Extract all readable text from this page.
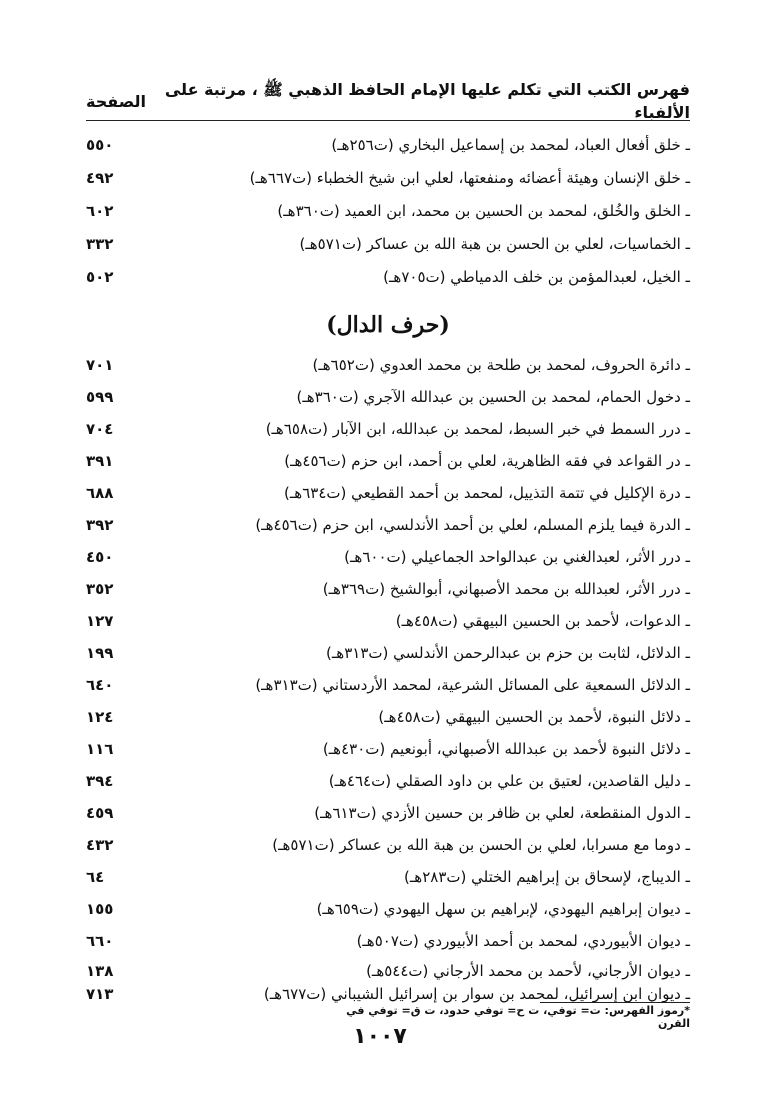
فهرس الكتب التي تكلم عليها الإمام الحافظ الذهبي ﷺ ، مرتبة على الألفباء
الصفحة
ـ خلق أفعال العباد، لمحمد بن إسماعيل البخاري (ت٢٥٦هـ)
٥٥٠
ـ خلق الإنسان وهيئة أعضائه ومنفعتها، لعلي ابن شيخ الخطباء (ت٦٦٧هـ)
٤٩٢
ـ الخلق والخُلق، لمحمد بن الحسين بن محمد، ابن العميد (ت٣٦٠هـ)
٦٠٢
ـ الخماسيات، لعلي بن الحسن بن هبة الله بن عساكر (ت٥٧١هـ)
٣٣٢
ـ الخيل، لعبدالمؤمن بن خلف الدمياطي (ت٧٠٥هـ)
٥٠٢
(حرف الدال)
ـ دائرة الحروف، لمحمد بن طلحة بن محمد العدوي (ت٦٥٢هـ)
٧٠١
ـ دخول الحمام، لمحمد بن الحسين بن عبدالله الآجري (ت٣٦٠هـ)
٥٩٩
ـ درر السمط في خبر السبط، لمحمد بن عبدالله، ابن الآبار (ت٦٥٨هـ)
٧٠٤
ـ در القواعد في فقه الظاهرية، لعلي بن أحمد، ابن حزم (ت٤٥٦هـ)
٣٩١
ـ درة الإكليل في تتمة التذييل، لمحمد بن أحمد القطيعي (ت٦٣٤هـ)
٦٨٨
ـ الدرة فيما يلزم المسلم، لعلي بن أحمد الأندلسي، ابن حزم (ت٤٥٦هـ)
٣٩٢
ـ درر الأثر، لعبدالغني بن عبدالواحد الجماعيلي (ت٦٠٠هـ)
٤٥٠
ـ درر الأثر، لعبدالله بن محمد الأصبهاني، أبوالشيخ (ت٣٦٩هـ)
٣٥٢
ـ الدعوات، لأحمد بن الحسين البيهقي (ت٤٥٨هـ)
١٢٧
ـ الدلائل، لثابت بن حزم بن عبدالرحمن الأندلسي (ت٣١٣هـ)
١٩٩
ـ الدلائل السمعية على المسائل الشرعية، لمحمد الأردستاني (ت٣١٣هـ)
٦٤٠
ـ دلائل النبوة، لأحمد بن الحسين البيهقي (ت٤٥٨هـ)
١٢٤
ـ دلائل النبوة لأحمد بن عبدالله الأصبهاني، أبونعيم (ت٤٣٠هـ)
١١٦
ـ دليل القاصدين، لعتيق بن علي بن داود الصقلي (ت٤٦٤هـ)
٣٩٤
ـ الدول المنقطعة، لعلي بن ظافر بن حسين الأزدي (ت٦١٣هـ)
٤٥٩
ـ دوما مع مسرابا، لعلي بن الحسن بن هبة الله بن عساكر (ت٥٧١هـ)
٤٣٢
ـ الديباج، لإسحاق بن إبراهيم الختلي (ت٢٨٣هـ)
٦٤
ـ ديوان إبراهيم اليهودي، لإبراهيم بن سهل اليهودي (ت٦٥٩هـ)
١٥٥
ـ ديوان الأبيوردي، لمحمد بن أحمد الأبيوردي (ت٥٠٧هـ)
٦٦٠
ـ ديوان الأرجاني، لأحمد بن محمد الأرجاني (ت٥٤٤هـ)
١٣٨
ـ ديوان ابن إسرائيل، لمحمد بن سوار بن إسرائيل الشيباني (ت٦٧٧هـ)
٧١٣
*رموز الفهرس: ت= توفي، ت ح= توفي حدود، ت ق= توفي في القرن
١٠٠٧
